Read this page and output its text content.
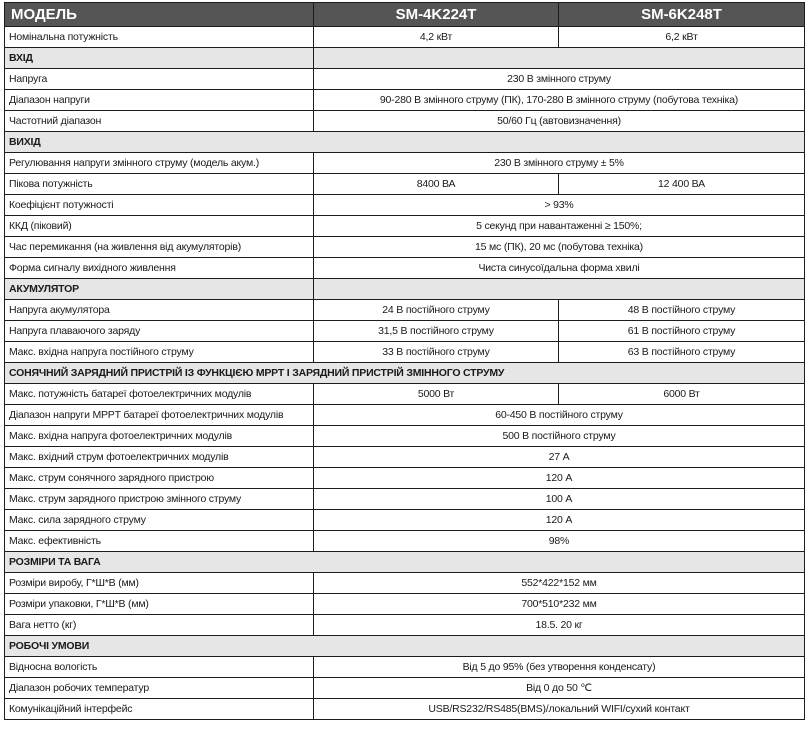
МОДЕЛЬ	SM-4K224T	SM-6K248T
Номінальна потужність	4,2 кВт	6,2 кВт
ВХІД		
Напруга	230 В змінного струму	
Діапазон напруги	90-280 В змінного струму (ПК), 170-280 В змінного струму (побутова техніка)	
Частотний діапазон	50/60 Гц (автовизначення)	
ВИХІД		
Регулювання напруги змінного струму (модель акум.)	230 В змінного струму ± 5%	
Пікова потужність	8400 ВА	12 400 ВА
Коефіцієнт потужності	> 93%	
ККД (піковий)	5 секунд при навантаженні ≥ 150%;	
Час перемикання (на живлення від акумуляторів)	15 мс (ПК), 20 мс (побутова техніка)	
Форма сигналу вихідного живлення	Чиста синусоїдальна форма хвилі	
АКУМУЛЯТОР		
Напруга акумулятора	24 В постійного струму	48 В постійного струму
Напруга плаваючого заряду	31,5 В постійного струму	61 В постійного струму
Макс. вхідна напруга постійного струму	33 В постійного струму	63 В постійного струму
СОНЯЧНИЙ ЗАРЯДНИЙ ПРИСТРІЙ ІЗ ФУНКЦІЄЮ МРРТ І ЗАРЯДНИЙ ПРИСТРІЙ ЗМІННОГО СТРУМУ		
Макс. потужність батареї фотоелектричних модулів	5000 Вт	6000 Вт
Діапазон напруги MPPT батареї фотоелектричних модулів	60-450 В постійного струму	
Макс. вхідна напруга фотоелектричних модулів	500 В постійного струму	
Макс. вхідний струм фотоелектричних модулів	27 А	
Макс. струм сонячного зарядного пристрою	120 А	
Макс. струм зарядного пристрою змінного струму	100 А	
Макс. сила зарядного струму	120 А	
Макс. ефективність	98%	
РОЗМІРИ ТА ВАГА		
Розміри виробу, Г*Ш*В (мм)	552*422*152 мм	
Розміри упаковки, Г*Ш*В (мм)	700*510*232 мм	
Вага нетто (кг)	18.5. 20 кг	
РОБОЧІ УМОВИ		
Відносна вологість	Від 5 до 95% (без утворення конденсату)	
Діапазон робочих температур	Від 0 до 50 ℃	
Комунікаційний інтерфейс	USB/RS232/RS485(BMS)/локальний WIFI/сухий контакт	
